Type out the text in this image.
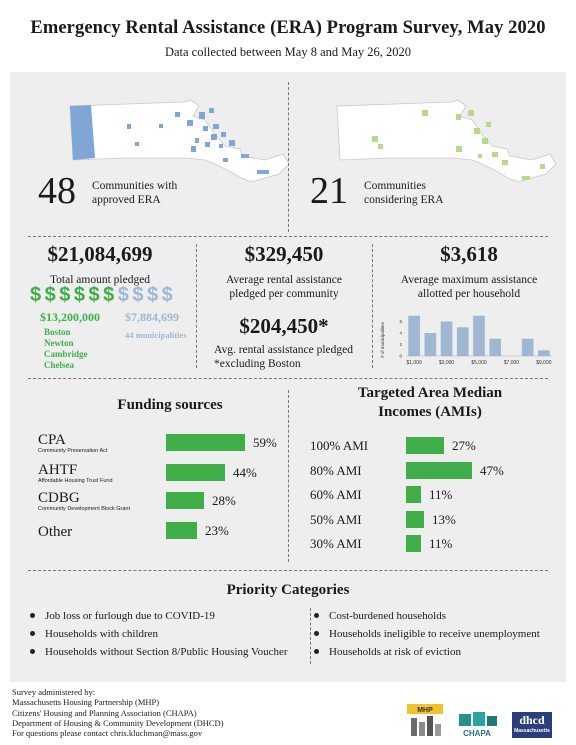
Emergency Rental Assistance (ERA) Program Survey, May 2020
Data collected between May 8 and May 26, 2020
48 Communities with
approved ERA	21 Communities
considering ERA
$21,084,699
Total amount pledged
$$$$$$$$$$
$13,200,000 $7,884,699
Boston
Newton
Cambridge
Chelsea
44 municipalities
$329,450
Average rental assistance
pledged per community
$204,450*
Avg. rental assistance pledged
*excluding Boston
$3,618
Average maximum assistance
allotted per household
# of municipalities	0
2
4
6
$1,000	$3,000	$5,000	$7,000	$9,000
Funding sources
CPA
Community Preservation Act
59%
AHTF
Affordable Housing Trust Fund
44%
CDBG
Community Development Block Grant
28%
Other	23%
Targeted Area Median
Incomes (AMIs)
100% AMI	27%
80% AMI	47%
60% AMI	11%
50% AMI	13%
30% AMI	11%
Priority Categories
Job loss or furlough due to COVID-19
Households with children
Households without Section 8/Public Housing Voucher
Cost-burdened households
Households ineligible to receive unemployment
Households at risk of eviction
Survey administered by:
Massachusetts Housing Partnership (MHP)
Citizens' Housing and Planning Association (CHAPA)
Department of Housing & Community Development (DHCD)
For questions please contact chris.kluchman@mass.gov
MHP
CHAPA
dhcd
Massachusetts
